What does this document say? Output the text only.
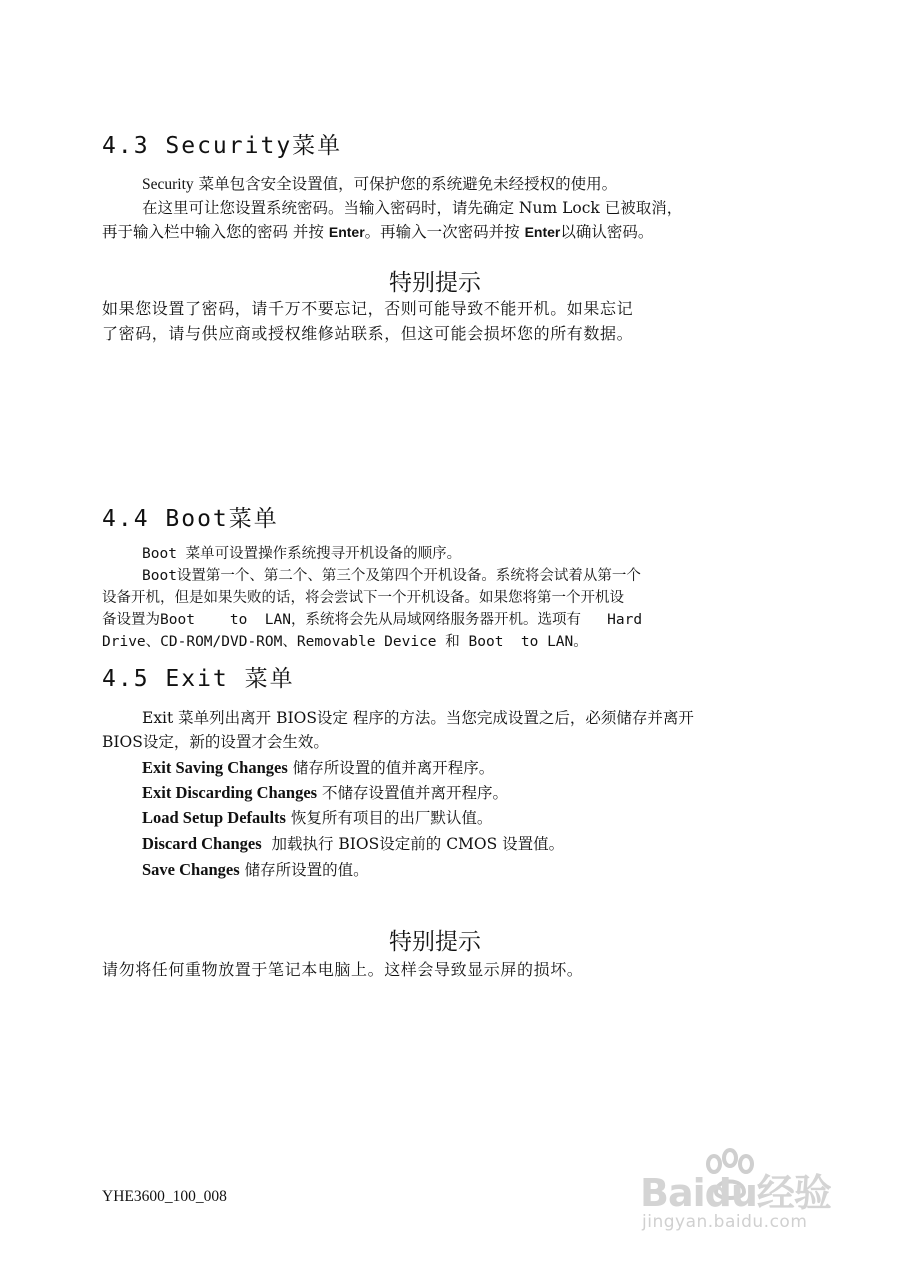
4.3 Security菜单

Security 菜单包含安全设置值，可保护您的系统避免未经授权的使用。

在这里可让您设置系统密码。当输入密码时，请先确定 Num Lock 已被取消，

再于输入栏中输入您的密码 并按 Enter。再输入一次密码并按 Enter以确认密码。

特别提示

如果您设置了密码，请千万不要忘记，否则可能导致不能开机。如果忘记

了密码，请与供应商或授权维修站联系，但这可能会损坏您的所有数据。

4.4 Boot菜单

Boot 菜单可设置操作系统搜寻开机设备的顺序。

Boot设置第一个、第二个、第三个及第四个开机设备。系统将会试着从第一个

设备开机，但是如果失败的话，将会尝试下一个开机设备。如果您将第一个开机设

备设置为Boot    to  LAN，系统将会先从局域网络服务器开机。选项有   Hard

Drive、CD-ROM/DVD-ROM、Removable Device 和 Boot  to LAN。

4.5 Exit 菜单

Exit 菜单列出离开 BIOS设定 程序的方法。当您完成设置之后，必须储存并离开

BIOS设定，新的设置才会生效。

Exit Saving Changes 储存所设置的值并离开程序。

Exit Discarding Changes 不储存设置值并离开程序。

Load Setup Defaults 恢复所有项目的出厂默认值。

Discard Changes  加载执行 BIOS设定前的 CMOS 设置值。

Save Changes 储存所设置的值。

特别提示

请勿将任何重物放置于笔记本电脑上。这样会导致显示屏的损坏。

YHE3600_100_008	Baidu经验
jingyan.baidu.com
